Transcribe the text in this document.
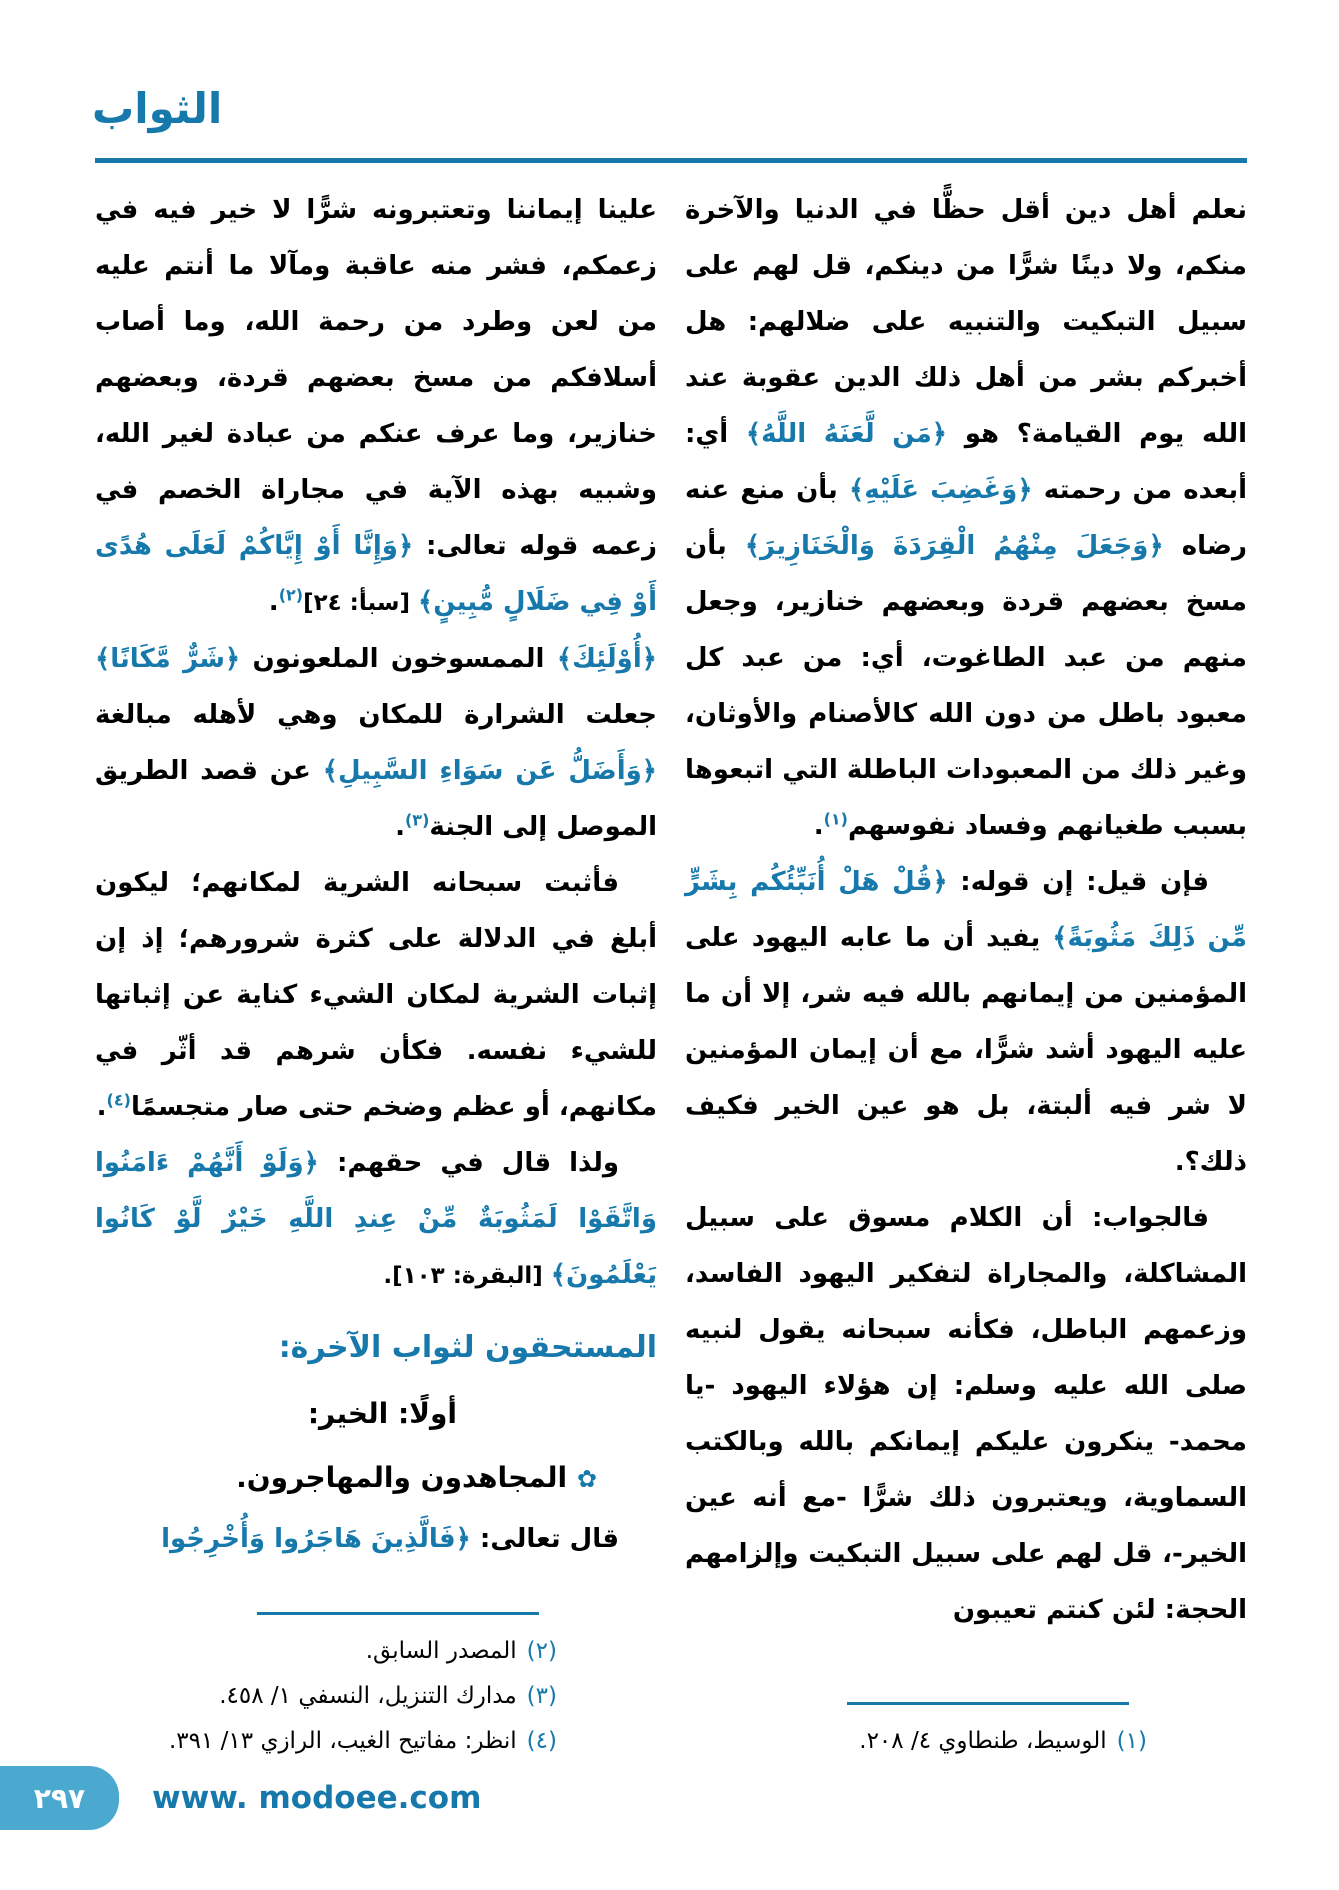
الثواب

نعلم أهل دين أقل حظًّا في الدنيا والآخرة منكم، ولا دينًا شرًّا من دينكم، قل لهم على سبيل التبكيت والتنبيه على ضلالهم: هل أخبركم بشر من أهل ذلك الدين عقوبة عند الله يوم القيامة؟ هو ﴿مَن لَّعَنَهُ اللَّهُ﴾ أي: أبعده من رحمته ﴿وَغَضِبَ عَلَيْهِ﴾ بأن منع عنه رضاه ﴿وَجَعَلَ مِنْهُمُ الْقِرَدَةَ وَالْخَنَازِيرَ﴾ بأن مسخ بعضهم قردة وبعضهم خنازير، وجعل منهم من عبد الطاغوت، أي: من عبد كل معبود باطل من دون الله كالأصنام والأوثان، وغير ذلك من المعبودات الباطلة التي اتبعوها بسبب طغيانهم وفساد نفوسهم$^{(١)}$.

فإن قيل: إن قوله: ﴿قُلْ هَلْ أُنَبِّئُكُم بِشَرٍّ مِّن ذَلِكَ مَثُوبَةً﴾ يفيد أن ما عابه اليهود على المؤمنين من إيمانهم بالله فيه شر، إلا أن ما عليه اليهود أشد شرًّا، مع أن إيمان المؤمنين لا شر فيه ألبتة، بل هو عين الخير فكيف ذلك؟.

فالجواب: أن الكلام مسوق على سبيل المشاكلة، والمجاراة لتفكير اليهود الفاسد، وزعمهم الباطل، فكأنه سبحانه يقول لنبيه صلى الله عليه وسلم: إن هؤلاء اليهود -يا محمد- ينكرون عليكم إيمانكم بالله وبالكتب السماوية، ويعتبرون ذلك شرًّا -مع أنه عين الخير-، قل لهم على سبيل التبكيت وإلزامهم الحجة: لئن كنتم تعيبون

(١)الوسيط، طنطاوي ٤/ ٢٠٨.

علينا إيماننا وتعتبرونه شرًّا لا خير فيه في زعمكم، فشر منه عاقبة ومآلا ما أنتم عليه من لعن وطرد من رحمة الله، وما أصاب أسلافكم من مسخ بعضهم قردة، وبعضهم خنازير، وما عرف عنكم من عبادة لغير الله، وشبيه بهذه الآية في مجاراة الخصم في زعمه قوله تعالى: ﴿وَإِنَّا أَوْ إِيَّاكُمْ لَعَلَى هُدًى أَوْ فِي ضَلَالٍ مُّبِينٍ﴾ [سبأ: ٢٤]$^{(٢)}$.

﴿أُوْلَئِكَ﴾ الممسوخون الملعونون ﴿شَرٌّ مَّكَانًا﴾ جعلت الشرارة للمكان وهي لأهله مبالغة ﴿وَأَضَلُّ عَن سَوَاءِ السَّبِيلِ﴾ عن قصد الطريق الموصل إلى الجنة$^{(٣)}$.

فأثبت سبحانه الشرية لمكانهم؛ ليكون أبلغ في الدلالة على كثرة شرورهم؛ إذ إن إثبات الشرية لمكان الشيء كناية عن إثباتها للشيء نفسه. فكأن شرهم قد أثّر في مكانهم، أو عظم وضخم حتى صار متجسمًا$^{(٤)}$.

ولذا قال في حقهم: ﴿وَلَوْ أَنَّهُمْ ءَامَنُوا وَاتَّقَوْا لَمَثُوبَةٌ مِّنْ عِندِ اللَّهِ خَيْرٌ لَّوْ كَانُوا يَعْلَمُونَ﴾ [البقرة: ١٠٣].

المستحقون لثواب الآخرة:
أولًا: الخير:
✿ المجاهدون والمهاجرون.

قال تعالى: ﴿فَالَّذِينَ هَاجَرُوا وَأُخْرِجُوا

(٢)المصدر السابق.
(٣)مدارك التنزيل، النسفي ١/ ٤٥٨.
(٤)انظر: مفاتيح الغيب، الرازي ١٣/ ٣٩١.
٢٩٧ www. modoee.com
